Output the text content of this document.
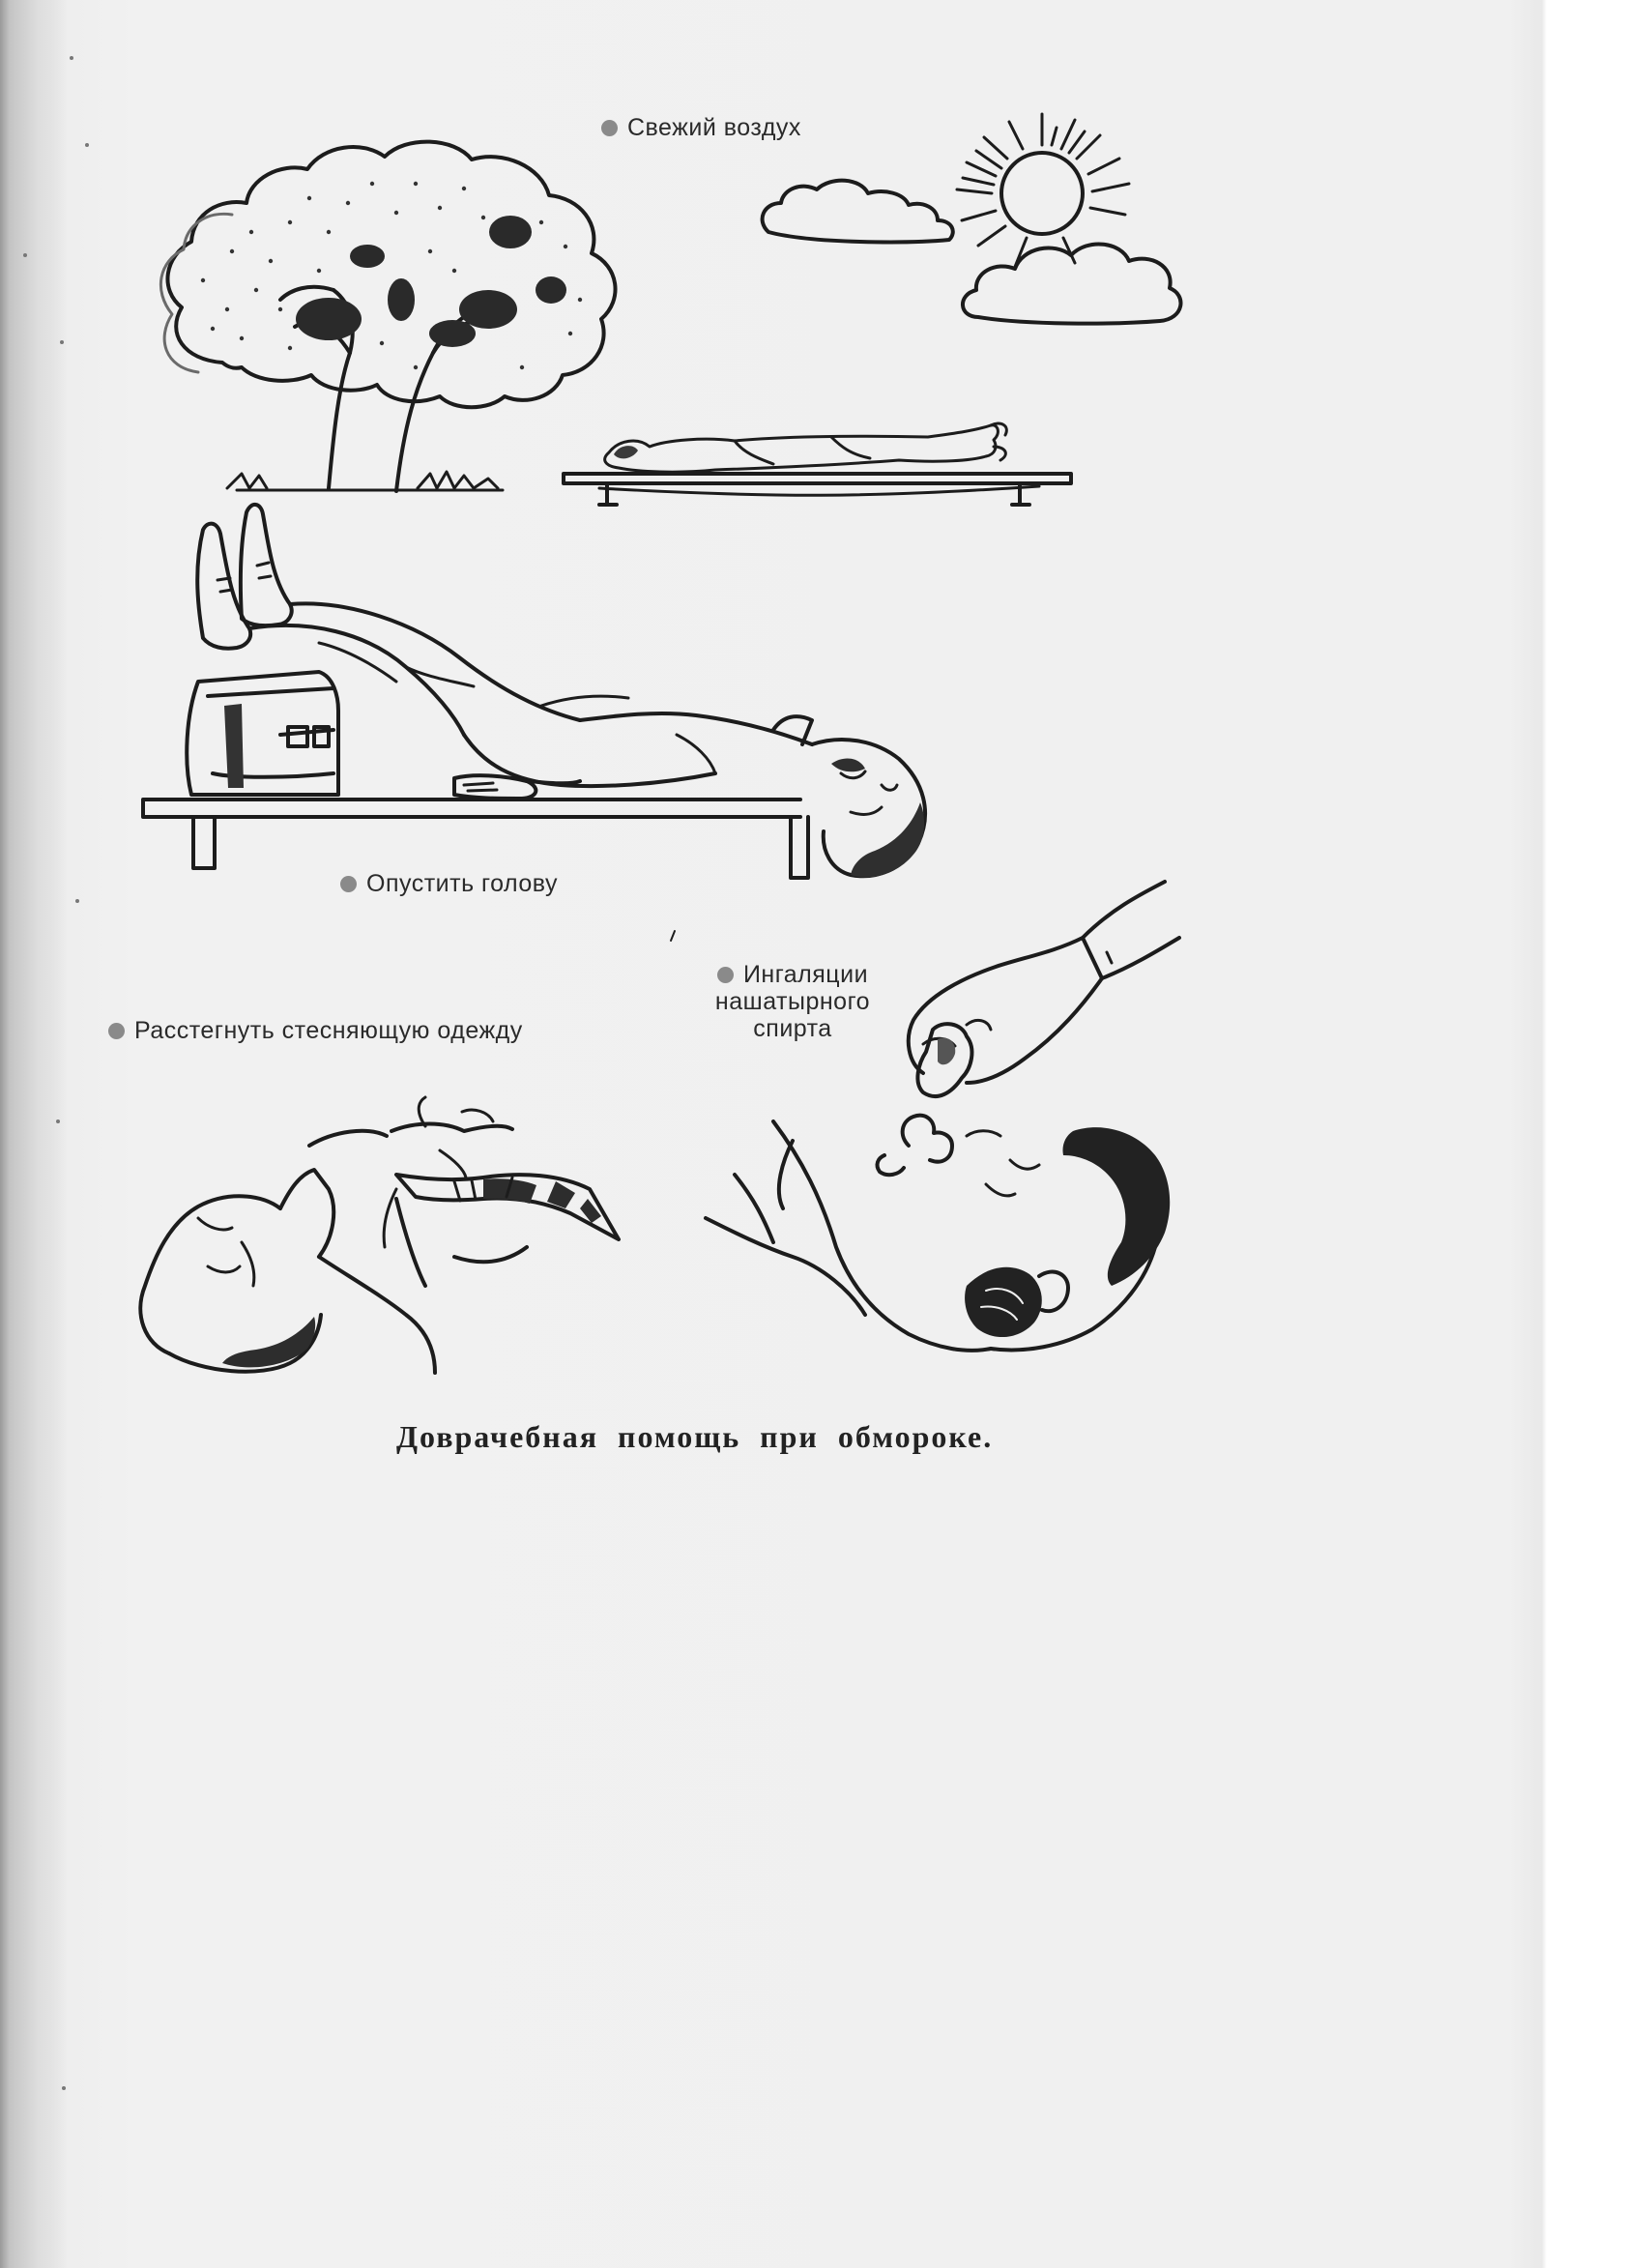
Свежий воздух
Опустить голову
Расстегнуть стесняющую одежду
Ингаляции
нашатырного
спирта
Доврачебная помощь при обмороке.
